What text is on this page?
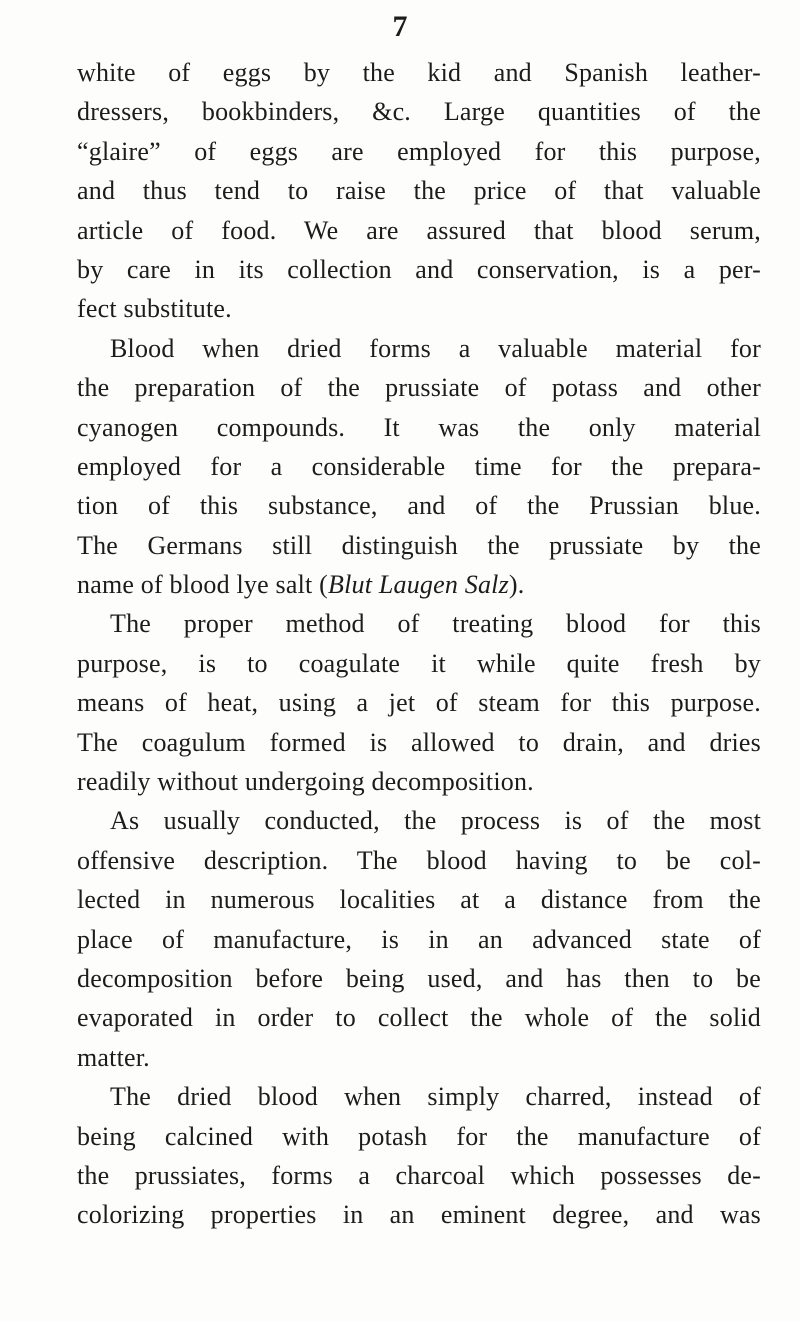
7
white of eggs by the kid and Spanish leather-
dressers, bookbinders, &c. Large quantities of the
“glaire” of eggs are employed for this purpose,
and thus tend to raise the price of that valuable
article of food. We are assured that blood serum,
by care in its collection and conservation, is a per-
fect substitute.
Blood when dried forms a valuable material for
the preparation of the prussiate of potass and other
cyanogen compounds. It was the only material
employed for a considerable time for the prepara-
tion of this substance, and of the Prussian blue.
The Germans still distinguish the prussiate by the
name of blood lye salt (Blut Laugen Salz).
The proper method of treating blood for this
purpose, is to coagulate it while quite fresh by
means of heat, using a jet of steam for this purpose.
The coagulum formed is allowed to drain, and dries
readily without undergoing decomposition.
As usually conducted, the process is of the most
offensive description. The blood having to be col-
lected in numerous localities at a distance from the
place of manufacture, is in an advanced state of
decomposition before being used, and has then to be
evaporated in order to collect the whole of the solid
matter.
The dried blood when simply charred, instead of
being calcined with potash for the manufacture of
the prussiates, forms a charcoal which possesses de-
colorizing properties in an eminent degree, and was
